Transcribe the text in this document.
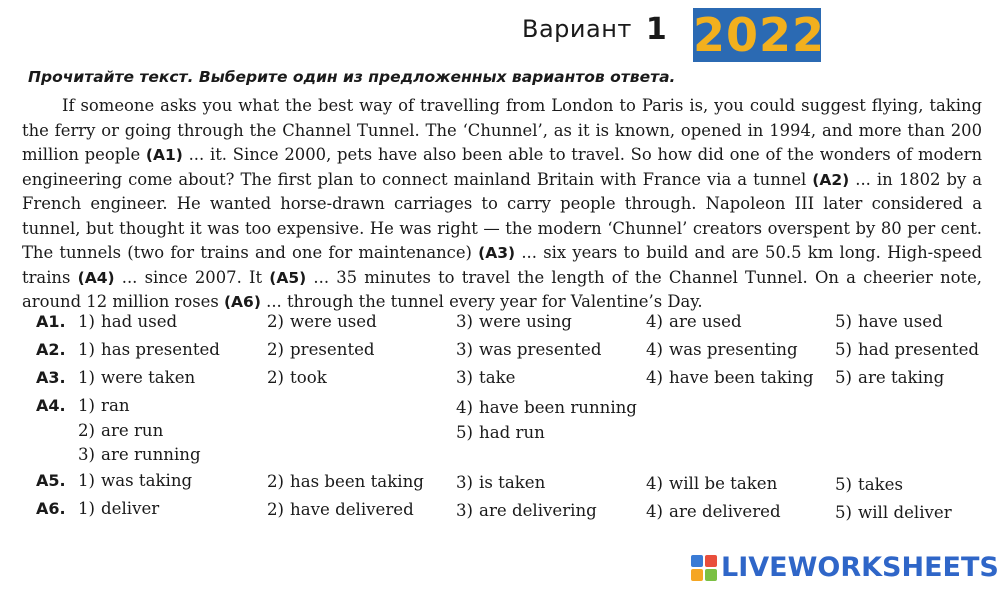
Вариант 1 2022
Прочитайте текст. Выберите один из предложенных вариантов ответа.

If someone asks you what the best way of travelling from London to Paris is, you could suggest flying, taking the ferry or going through the Channel Tunnel. The ‘Chunnel’, as it is known, opened in 1994, and more than 200 million people (A1) ... it. Since 2000, pets have also been able to travel. So how did one of the wonders of modern engineering come about? The first plan to connect mainland Britain with France via a tunnel (A2) ... in 1802 by a French engineer. He wanted horse-drawn carriages to carry people through. Napoleon III later considered a tunnel, but thought it was too expensive. He was right — the modern ‘Chunnel’ creators overspent by 80 per cent. The tunnels (two for trains and one for maintenance) (A3) ... six years to build and are 50.5 km long. High-speed trains (A4) ... since 2007. It (A5) ... 35 minutes to travel the length of the Channel Tunnel. On a cheerier note, around 12 million roses (A6) ... through the tunnel every year for Valentine’s Day.

A1. 1) had used	2) were used	3) were using	4) are used	5) have used
A2. 1) has presented	2) presented	3) was presented	4) was presenting 5) had presented
A3. 1) were taken	2) took	3) take	4) have been taking 5) are taking
A4. 1) ran
2) are run
3) are running
4) have been running
5) had run
A5. 1) was taking	2) has been taking 3) is taken	4) will be taken	5) takes
A6. 1) deliver	2) have delivered	3) are delivering	4) are delivered	5) will deliver
LIVEWORKSHEETS
